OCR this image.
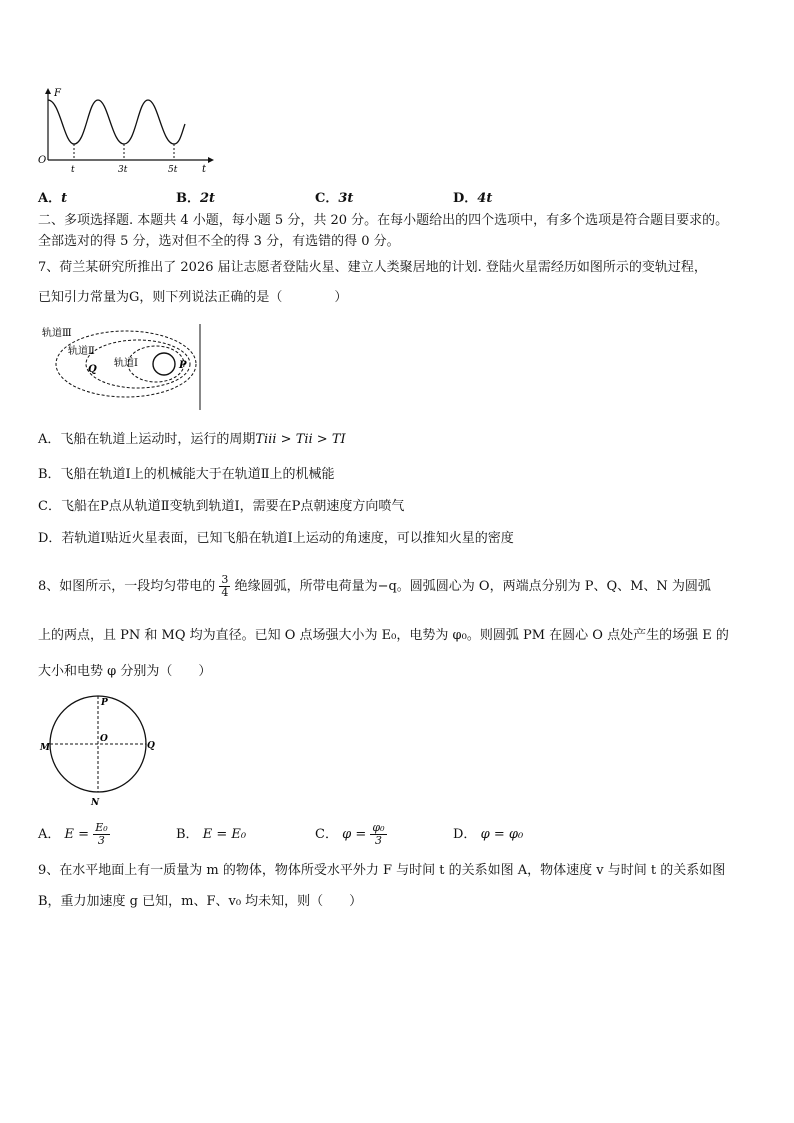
F
O
t
t	3t	5t
A．t	B．2t	C．3t	D．4t
二、多项选择题. 本题共 4 小题，每小题 5 分，共 20 分。在每小题给出的四个选项中，有多个选项是符合题目要求的。
全部选对的得 5 分，选对但不全的得 3 分，有选错的得 0 分。
7、荷兰某研究所推出了 2026 届让志愿者登陆火星、建立人类聚居地的计划. 登陆火星需经历如图所示的变轨过程，
已知引力常量为G，则下列说法正确的是（　　　　）
轨道Ⅲ
轨道Ⅱ
轨道Ⅰ
Q	P
A．飞船在轨道上运动时，运行的周期Tⅲ > Tⅱ > TⅠ
B．飞船在轨道Ⅰ上的机械能大于在轨道Ⅱ上的机械能
C．飞船在P点从轨道Ⅱ变轨到轨道Ⅰ，需要在P点朝速度方向喷气
D．若轨道Ⅰ贴近火星表面，已知飞船在轨道Ⅰ上运动的角速度，可以推知火星的密度
8、如图所示，一段均匀带电的 $\frac{3}{4}$ 绝缘圆弧，所带电荷量为−q。圆弧圆心为 O，两端点分别为 P、Q、M、N 为圆弧
上的两点，且 PN 和 MQ 均为直径。已知 O 点场强大小为 E₀，电势为 φ₀。则圆弧 PM 在圆心 O 点处产生的场强 E 的
大小和电势 φ 分别为（　　）
P
O
M	Q
N
A． $E = \frac{\text{E₀}}{3}$	B． E = E₀	C． $\varphi = \frac{\text{φ₀}}{3}$	D． φ = φ₀
9、在水平地面上有一质量为 m 的物体，物体所受水平外力 F 与时间 t 的关系如图 A，物体速度 v 与时间 t 的关系如图
B，重力加速度 g 已知，m、F、v₀ 均未知，则（　　）
